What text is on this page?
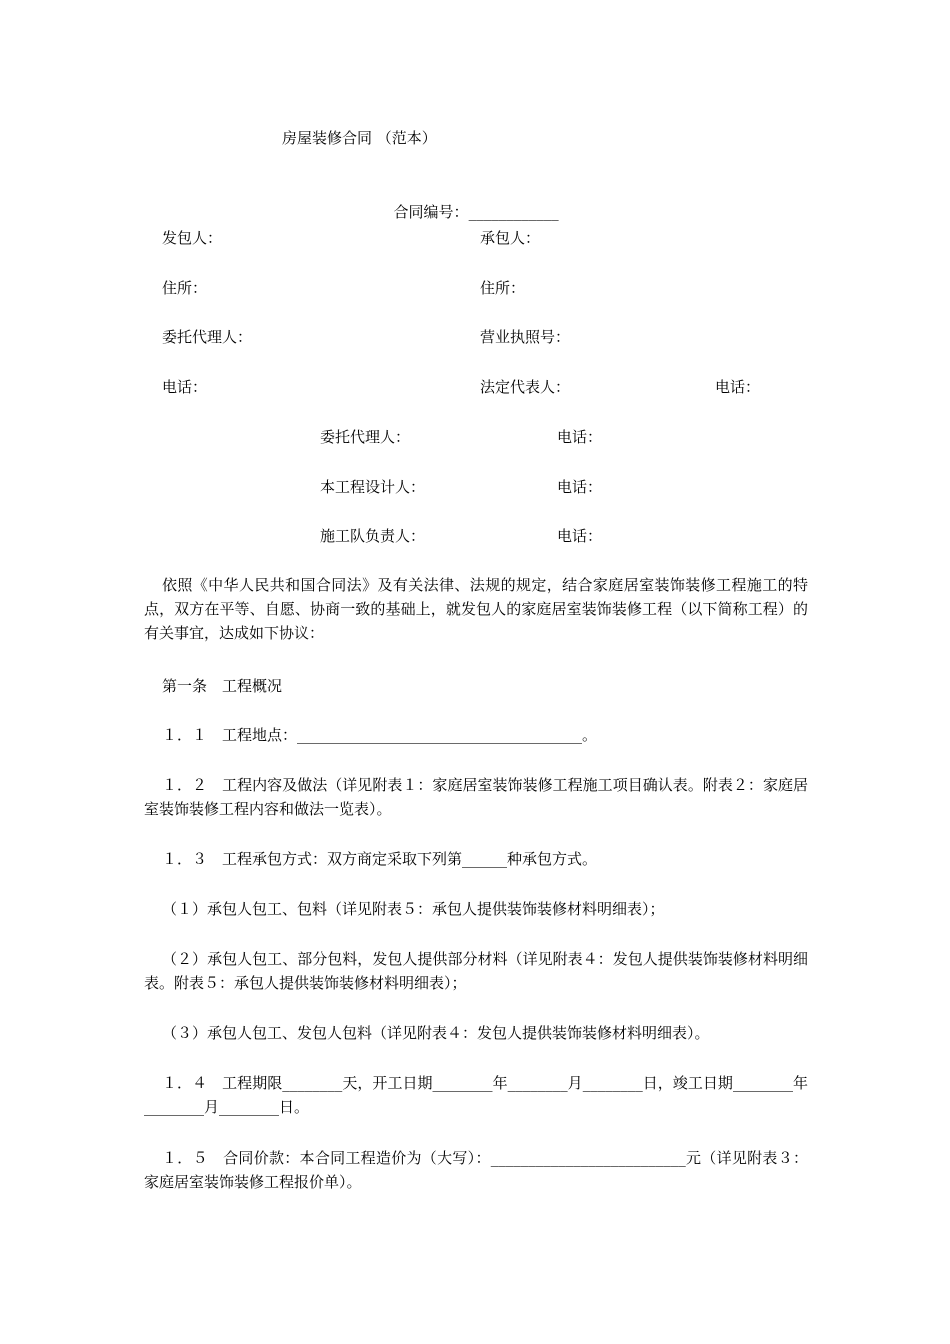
房屋装修合同 （范本）

合同编号：____________

发包人：	承包人：
住所：	住所：
委托代理人：	营业执照号：
电话：	法定代表人：	电话：
委托代理人：	电话：
本工程设计人：	电话：
施工队负责人：	电话：
依照《中华人民共和国合同法》及有关法律、法规的规定，结合家庭居室装饰装修工程施工的特点，双方在平等、自愿、协商一致的基础上，就发包人的家庭居室装饰装修工程（以下简称工程）的有关事宜，达成如下协议：
第一条　工程概况
１．１　工程地点：______________________________________。
１．２　工程内容及做法（详见附表１：家庭居室装饰装修工程施工项目确认表。附表２：家庭居室装饰装修工程内容和做法一览表）。
１．３　工程承包方式：双方商定采取下列第______种承包方式。
（１）承包人包工、包料（详见附表５：承包人提供装饰装修材料明细表）；
（２）承包人包工、部分包料，发包人提供部分材料（详见附表４：发包人提供装饰装修材料明细表。附表５：承包人提供装饰装修材料明细表）；
（３）承包人包工、发包人包料（详见附表４：发包人提供装饰装修材料明细表）。
１．４　工程期限________天，开工日期________年________月________日，竣工日期________年________月________日。
１．５　合同价款：本合同工程造价为（大写）：__________________________元（详见附表３：家庭居室装饰装修工程报价单）。
